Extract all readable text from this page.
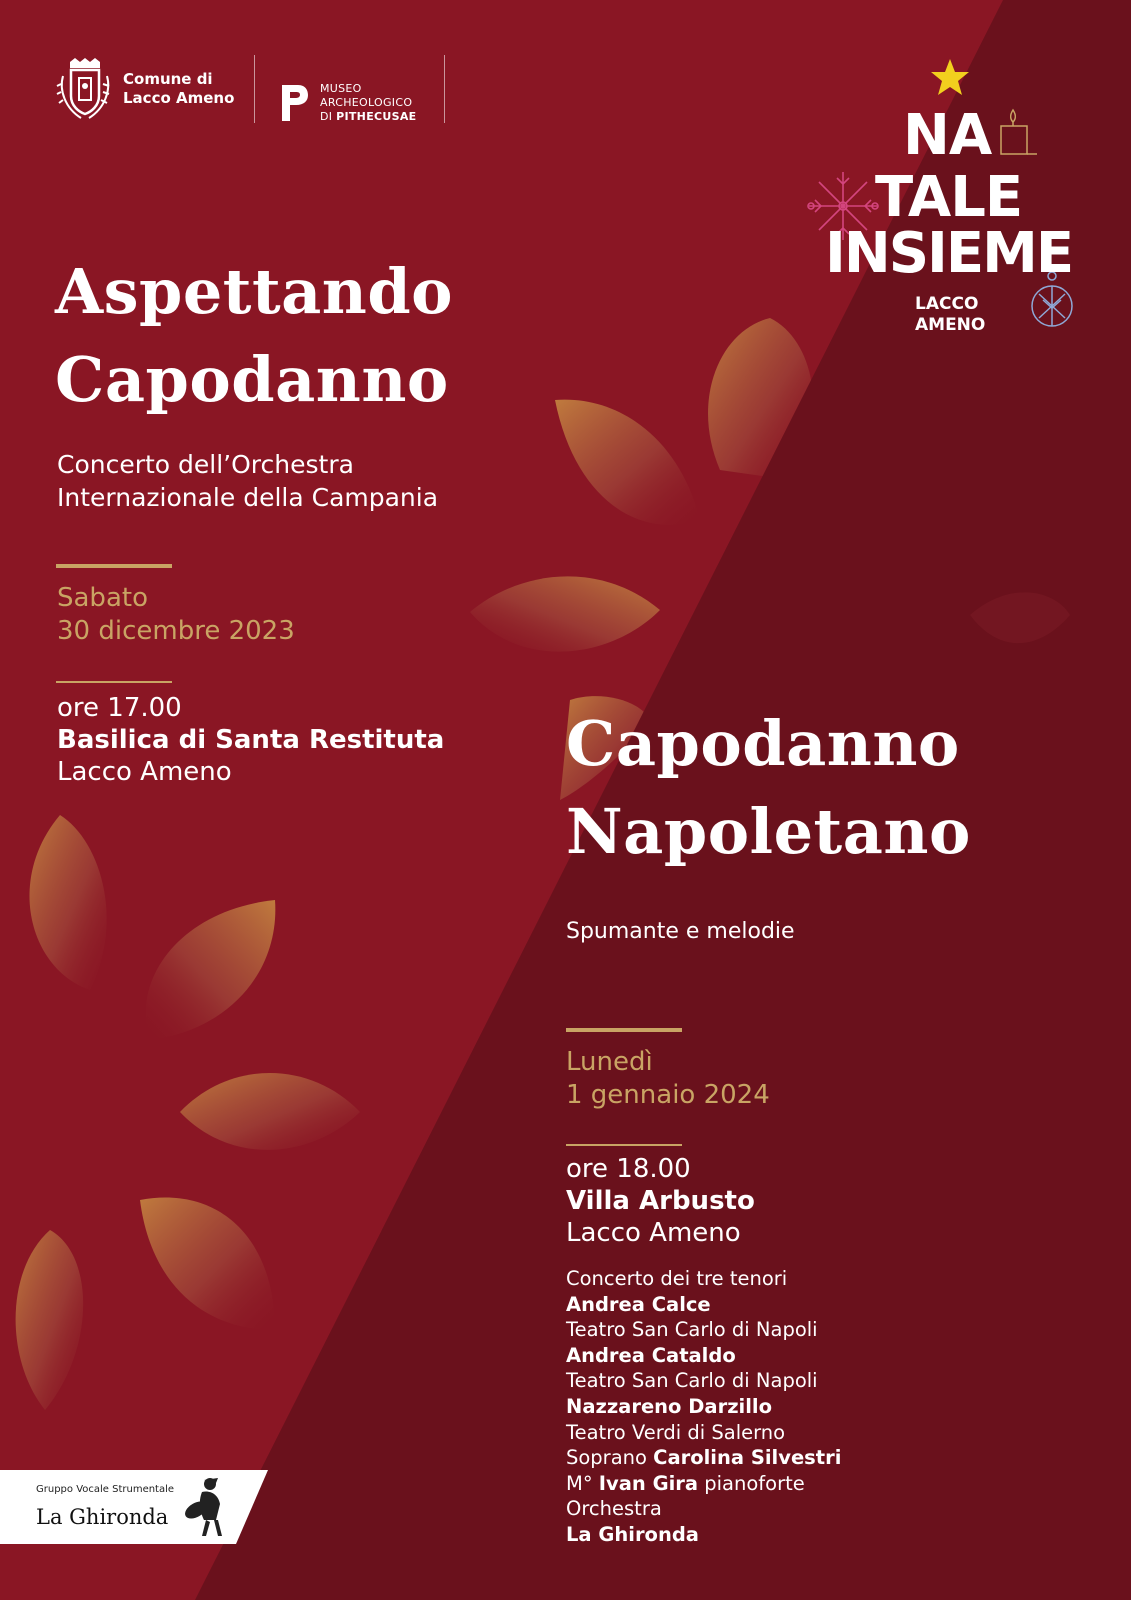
Comune di
Lacco Ameno
MUSEO
ARCHEOLOGICO
DI PITHECUSAE	NA
TALE
INSIEME
LACCO
AMENO
Aspettando
Capodanno
Concerto dell’Orchestra
Internazionale della Campania
Sabato
30 dicembre 2023
ore 17.00
Basilica di Santa Restituta
Lacco Ameno	Capodanno
Napoletano
Spumante e melodie
Lunedì
1 gennaio 2024
ore 18.00
Villa Arbusto
Lacco Ameno
Concerto dei tre tenori
Andrea Calce
Teatro San Carlo di Napoli
Andrea Cataldo
Teatro San Carlo di Napoli
Nazzareno Darzillo
Teatro Verdi di Salerno
Soprano Carolina Silvestri
M° Ivan Gira pianoforte
Orchestra
La Ghironda
Gruppo Vocale Strumentale
La Ghironda
